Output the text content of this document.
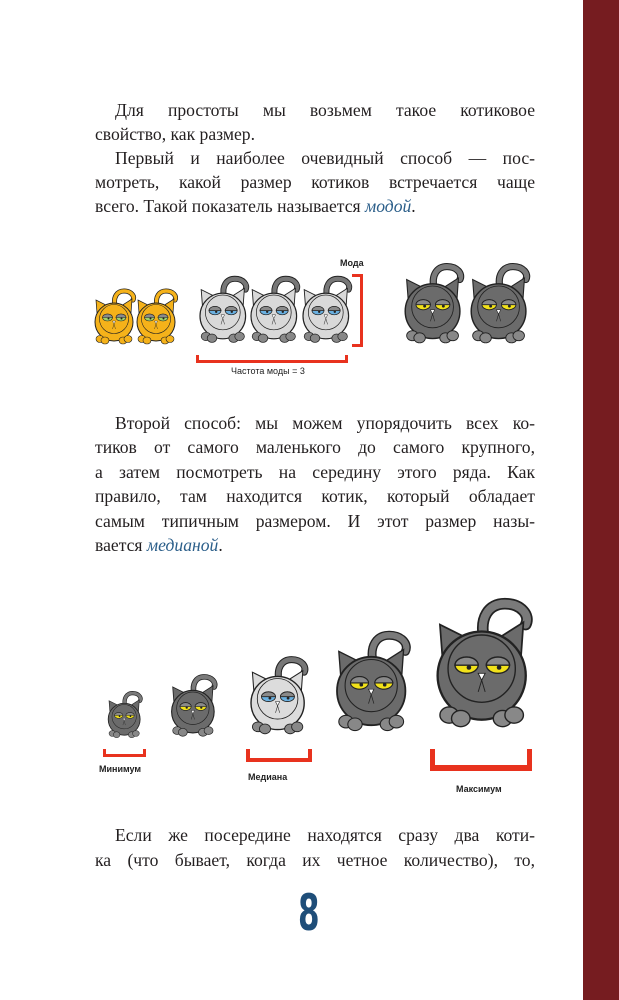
Для простоты мы возьмем такое котиковое
свойство, как размер.
Первый и наиболее очевидный способ — пос-
мотреть, какой размер котиков встречается чаще
всего. Такой показатель называется модой.
Мода
Частота моды = 3
Второй способ: мы можем упорядочить всех ко-
тиков от самого маленького до самого крупного,
а затем посмотреть на середину этого ряда. Как
правило, там находится котик, который обладает
самым типичным размером. И этот размер назы-
вается медианой.
Минимум
Медиана
Максимум
Если же посередине находятся сразу два коти-
ка (что бывает, когда их четное количество), то,
8
